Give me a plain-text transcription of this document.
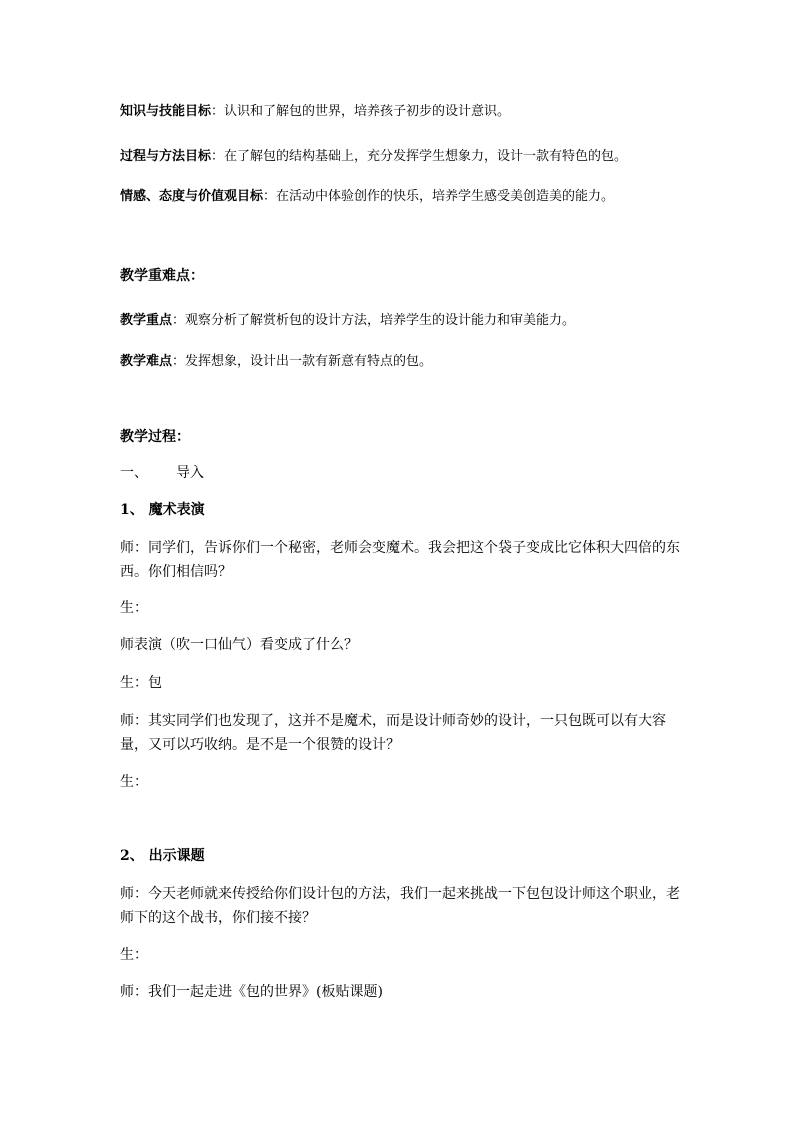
知识与技能目标：认识和了解包的世界，培养孩子初步的设计意识。
过程与方法目标：在了解包的结构基础上，充分发挥学生想象力，设计一款有特色的包。
情感、态度与价值观目标：在活动中体验创作的快乐，培养学生感受美创造美的能力。
教学重难点：
教学重点：观察分析了解赏析包的设计方法，培养学生的设计能力和审美能力。
教学难点：发挥想象，设计出一款有新意有特点的包。
教学过程：
一、 导入
1、 魔术表演
师：同学们，告诉你们一个秘密，老师会变魔术。我会把这个袋子变成比它体积大四倍的东西。你们相信吗？
生：
师表演（吹一口仙气）看变成了什么？
生：包
师：其实同学们也发现了，这并不是魔术，而是设计师奇妙的设计，一只包既可以有大容量，又可以巧收纳。是不是一个很赞的设计？
生：
2、 出示课题
师：今天老师就来传授给你们设计包的方法，我们一起来挑战一下包包设计师这个职业，老师下的这个战书，你们接不接？
生：
师：我们一起走进《包的世界》(板贴课题)
